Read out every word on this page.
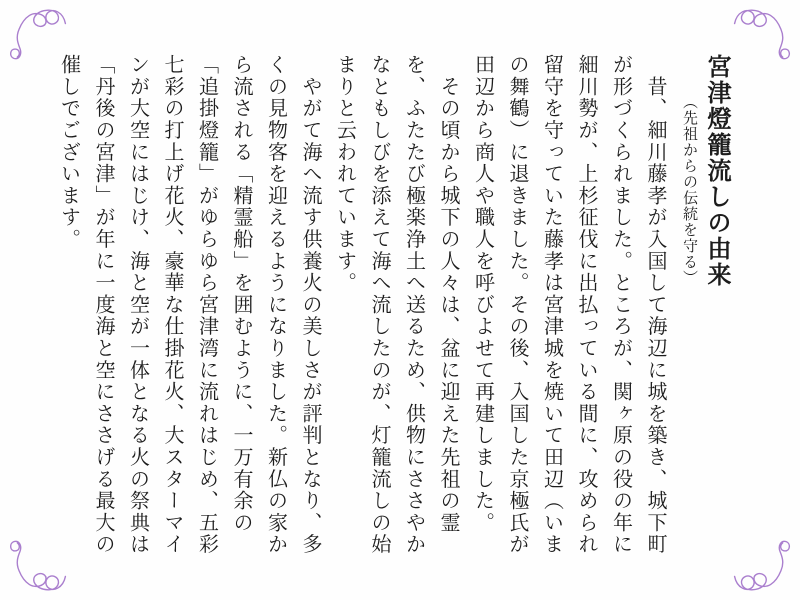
宮津燈籠流しの由来
（先祖からの伝統を守る）
　昔、細川藤孝が入国して海辺に城を築き、城下町
が形づくられました。ところが、関ヶ原の役の年に
細川勢が、上杉征伐に出払っている間に、攻められ
留守を守っていた藤孝は宮津城を焼いて田辺（いま
の舞鶴）に退きました。その後、入国した京極氏が
田辺から商人や職人を呼びよせて再建しました。
　その頃から城下の人々は、盆に迎えた先祖の霊
を、ふたたび極楽浄土へ送るため、供物にささやか
なともしびを添えて海へ流したのが、灯籠流しの始
まりと云われています。
　やがて海へ流す供養火の美しさが評判となり、多
くの見物客を迎えるようになりました。新仏の家か
ら流される「精霊船」を囲むように、一万有余の
「追掛燈籠」がゆらゆら宮津湾に流れはじめ、五彩
七彩の打上げ花火、豪華な仕掛花火、大スターマイ
ンが大空にはじけ、海と空が一体となる火の祭典は
「丹後の宮津」が年に一度海と空にささげる最大の
催しでございます。
